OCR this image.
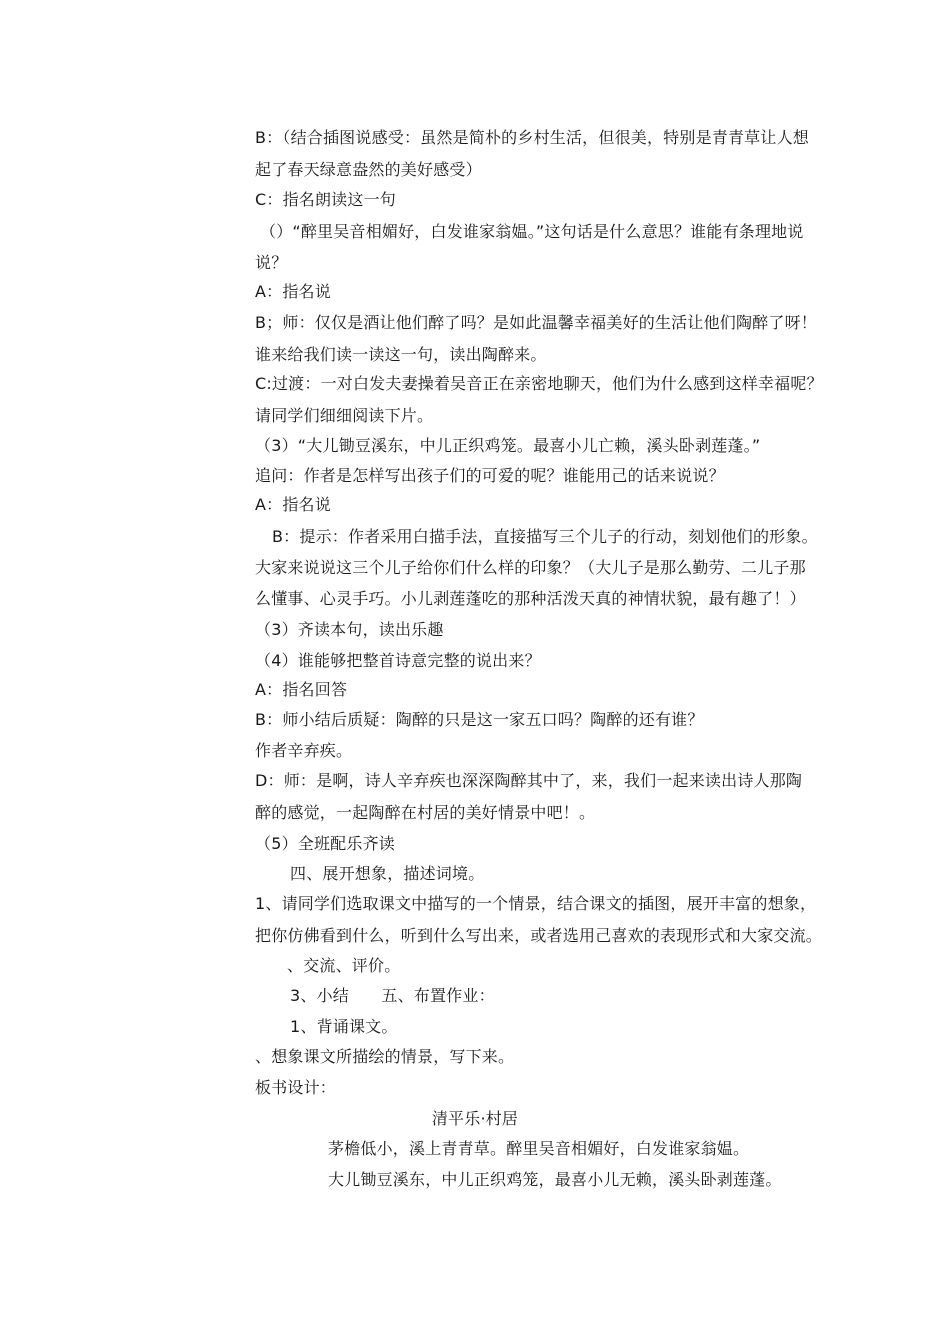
B：（结合插图说感受：虽然是简朴的乡村生活，但很美，特别是青青草让人想
起了春天绿意盎然的美好感受）
C：指名朗读这一句
（）“醉里吴音相媚好，白发谁家翁媪。”这句话是什么意思？谁能有条理地说
说？
A：指名说
B；师：仅仅是酒让他们醉了吗？是如此温馨幸福美好的生活让他们陶醉了呀！
谁来给我们读一读这一句，读出陶醉来。
C:过渡：一对白发夫妻操着吴音正在亲密地聊天，他们为什么感到这样幸福呢？
请同学们细细阅读下片。
（3）“大儿锄豆溪东，中儿正织鸡笼。最喜小儿亡赖，溪头卧剥莲蓬。”
追问：作者是怎样写出孩子们的可爱的呢？谁能用己的话来说说？
A：指名说
B：提示：作者采用白描手法，直接描写三个儿子的行动，刻划他们的形象。
大家来说说这三个儿子给你们什么样的印象？（大儿子是那么勤劳、二儿子那
么懂事、心灵手巧。小儿剥莲蓬吃的那种活泼天真的神情状貌，最有趣了！）
（3）齐读本句，读出乐趣
（4）谁能够把整首诗意完整的说出来？
A：指名回答
B：师小结后质疑：陶醉的只是这一家五口吗？陶醉的还有谁？
作者辛弃疾。
D：师：是啊，诗人辛弃疾也深深陶醉其中了，来，我们一起来读出诗人那陶
醉的感觉，一起陶醉在村居的美好情景中吧！。
（5）全班配乐齐读
四、展开想象，描述词境。
1、请同学们选取课文中描写的一个情景，结合课文的插图，展开丰富的想象，
把你仿佛看到什么，听到什么写出来，或者选用己喜欢的表现形式和大家交流。
、交流、评价。
3、小结　　五、布置作业：
1、背诵课文。
、想象课文所描绘的情景，写下来。
板书设计：
清平乐·村居
茅檐低小，溪上青青草。醉里吴音相媚好，白发谁家翁媪。
大儿锄豆溪东，中儿正织鸡笼，最喜小儿无赖，溪头卧剥莲蓬。
